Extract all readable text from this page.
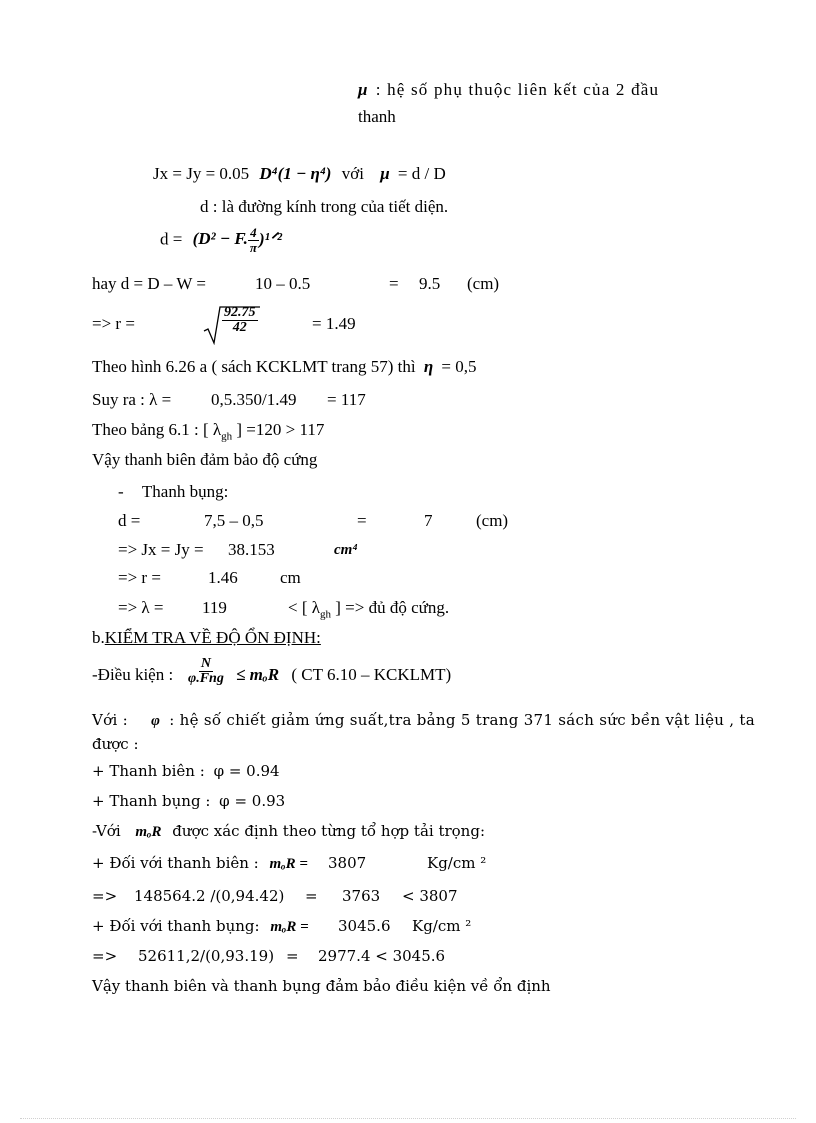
μ : hệ số phụ thuộc liên kết của 2 đầu
thanh
Jx = Jy = 0.05 D⁴(1 − η⁴) với μ = d / D
d : là đường kính trong của tiết diện.
d = (D² − F. $\frac{4}{\pi}$ )¹ᐟ²
hay d = D – W =	10 – 0.5	= 9.5 (cm)
=> r =	$\frac{92.75}{42}$	= 1.49
Theo hình 6.26 a ( sách KCKLMT trang 57) thì η = 0,5
Suy ra : λ = 0,5.350/1.49 = 117
Theo bảng 6.1 : [ $\lambda_{gh}$ ] =120 > 117
Vậy thanh biên đảm bảo độ cứng
- Thanh bụng:
d =	7,5 – 0,5	=	7	(cm)
=> Jx = Jy = 38.153	cm⁴
=> r =	1.46 cm
=> λ = 119	< [ $\lambda_{gh}$ ] => đủ độ cứng.
b.KIỂM TRA VỀ ĐỘ ỔN ĐỊNH:
-Điều kiện :
N
φ.Fng ≤ mₒR ( CT 6.10 – KCKLMT)
Với : φ : hệ số chiết giảm ứng suất,tra bảng 5 trang 371 sách sức bền vật liệu , ta
được :
+ Thanh biên : φ = 0.94
+ Thanh bụng : φ = 0.93
-Với mₒR được xác định theo từng tổ hợp tải trọng:
+ Đối với thanh biên : mₒR = 3807	Kg/cm ²
=> 148564.2 /(0,94.42) = 3763 < 3807
+ Đối với thanh bụng: mₒR = 3045.6 Kg/cm ²
=> 52611,2/(0,93.19) = 2977.4 < 3045.6
Vậy thanh biên và thanh bụng đảm bảo điều kiện về ổn định
